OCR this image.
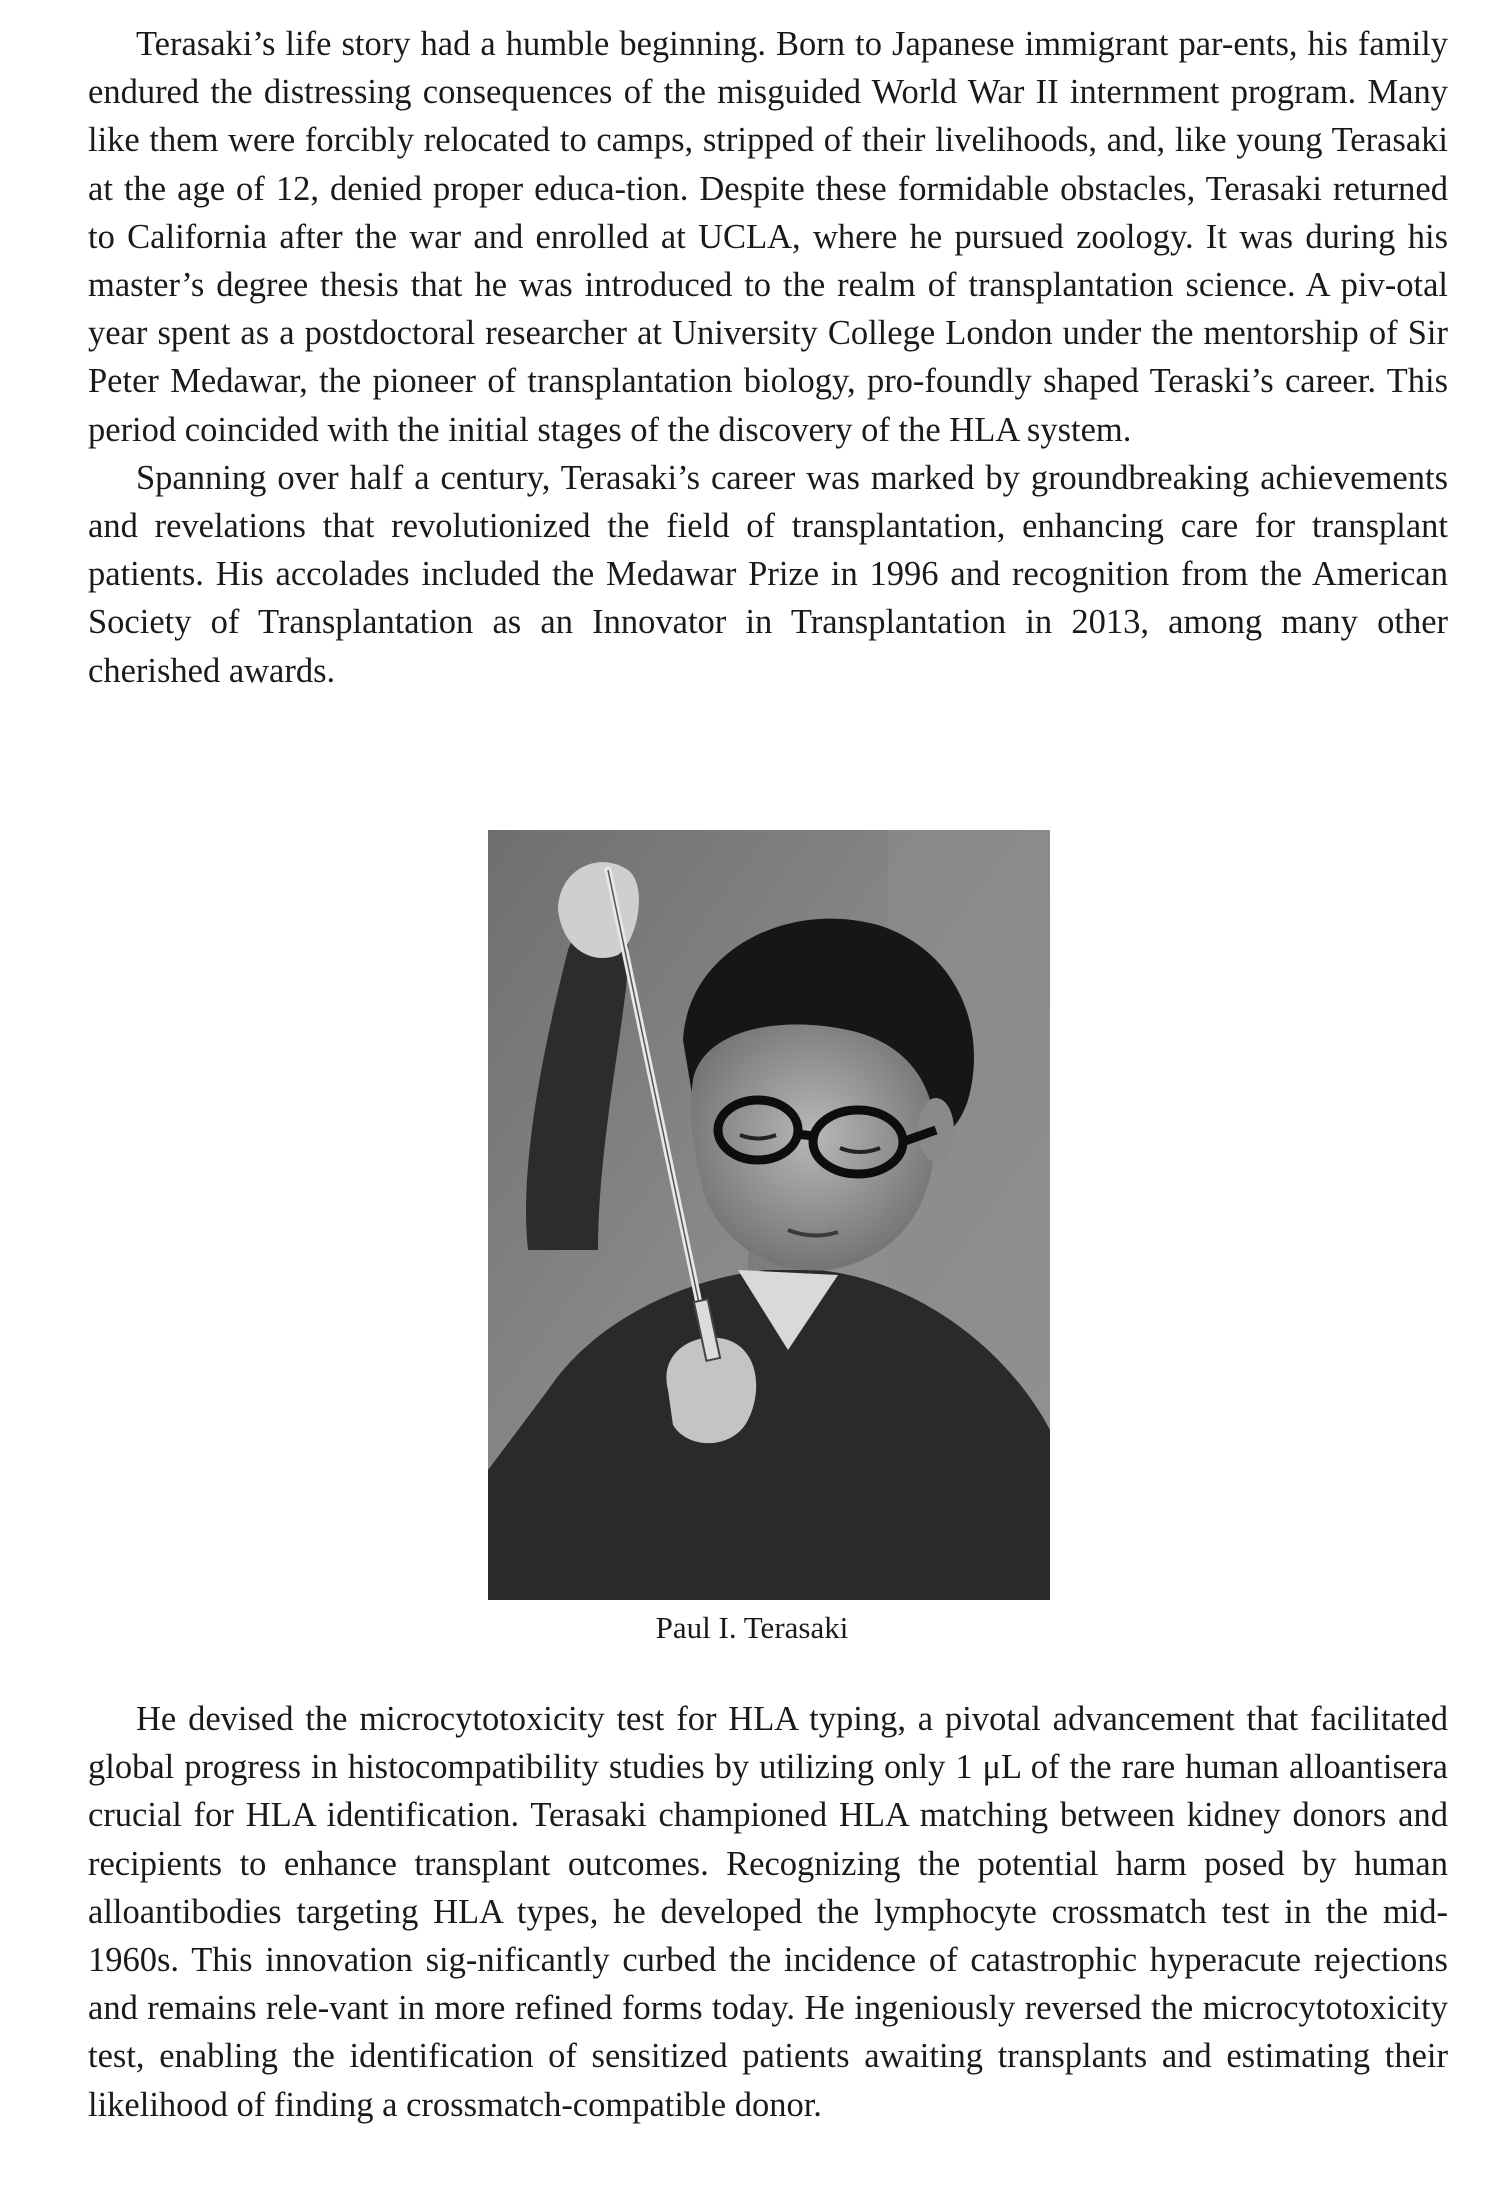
Terasaki’s life story had a humble beginning. Born to Japanese immigrant par-ents, his family endured the distressing consequences of the misguided World War II internment program. Many like them were forcibly relocated to camps, stripped of their livelihoods, and, like young Terasaki at the age of 12, denied proper educa-tion. Despite these formidable obstacles, Terasaki returned to California after the war and enrolled at UCLA, where he pursued zoology. It was during his master’s degree thesis that he was introduced to the realm of transplantation science. A piv-otal year spent as a postdoctoral researcher at University College London under the mentorship of Sir Peter Medawar, the pioneer of transplantation biology, pro-foundly shaped Teraski’s career. This period coincided with the initial stages of the discovery of the HLA system.

Spanning over half a century, Terasaki’s career was marked by groundbreaking achievements and revelations that revolutionized the field of transplantation, enhancing care for transplant patients. His accolades included the Medawar Prize in 1996 and recognition from the American Society of Transplantation as an Innovator in Transplantation in 2013, among many other cherished awards.

Paul I. Terasaki

He devised the microcytotoxicity test for HLA typing, a pivotal advancement that facilitated global progress in histocompatibility studies by utilizing only 1 μL of the rare human alloantisera crucial for HLA identification. Terasaki championed HLA matching between kidney donors and recipients to enhance transplant outcomes. Recognizing the potential harm posed by human alloantibodies targeting HLA types, he developed the lymphocyte crossmatch test in the mid-1960s. This innovation sig-nificantly curbed the incidence of catastrophic hyperacute rejections and remains rele-vant in more refined forms today. He ingeniously reversed the microcytotoxicity test, enabling the identification of sensitized patients awaiting transplants and estimating their likelihood of finding a crossmatch-compatible donor.
